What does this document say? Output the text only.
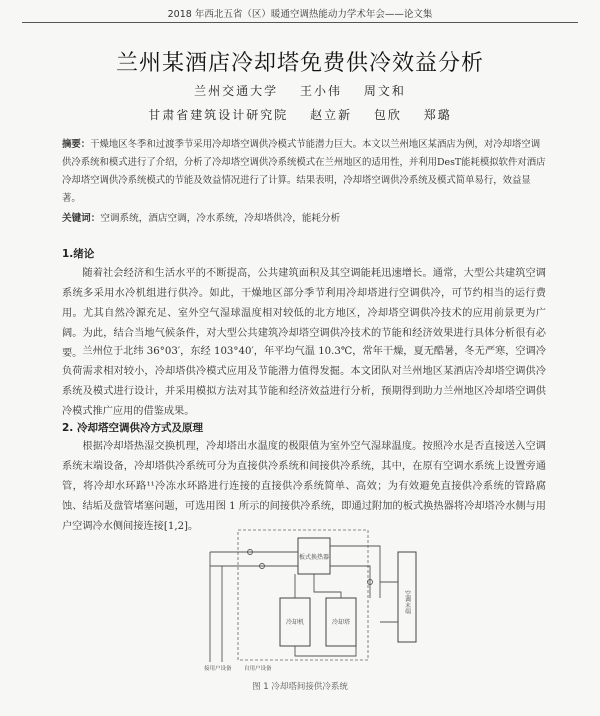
2018 年西北五省（区）暖通空调热能动力学术年会——论文集
兰州某酒店冷却塔免费供冷效益分析
兰州交通大学 王小伟 周文和
甘肃省建筑设计研究院 赵立新 包欣 郑璐
摘要：干燥地区冬季和过渡季节采用冷却塔空调供冷模式节能潜力巨大。本文以兰州地区某酒店为例，对冷却塔空调供冷系统和模式进行了介绍，分析了冷却塔空调供冷系统模式在兰州地区的适用性，并利用DesT能耗模拟软件对酒店冷却塔空调供冷系统模式的节能及效益情况进行了计算。结果表明，冷却塔空调供冷系统及模式简单易行，效益显著。
关键词：空调系统，酒店空调，冷水系统，冷却塔供冷，能耗分析
1.绪论
随着社会经济和生活水平的不断提高，公共建筑面积及其空调能耗迅速增长。通常，大型公共建筑空调系统多采用水冷机组进行供冷。如此，干燥地区部分季节利用冷却塔进行空调供冷，可节约相当的运行费用。尤其自然冷源充足、室外空气湿球温度相对较低的北方地区，冷却塔空调供冷技术的应用前景更为广阔。为此，结合当地气候条件，对大型公共建筑冷却塔空调供冷技术的节能和经济效果进行具体分析很有必要。 兰州位于北纬 36°03′，东经 103°40′，年平均气温 10.3℃，常年干燥，夏无酷暑，冬无严寒，空调冷负荷需求相对较小，冷却塔供冷模式应用及节能潜力值得发掘。本文团队对兰州地区某酒店冷却塔空调供冷系统及模式进行设计，并采用模拟方法对其节能和经济效益进行分析，预期得到助力兰州地区冷却塔空调供冷模式推广应用的借鉴成果。
2. 冷却塔空调供冷方式及原理
根据冷却塔热湿交换机理，冷却塔出水温度的极限值为室外空气湿球温度。按照冷水是否直接送入空调系统末端设备，冷却塔供冷系统可分为直接供冷系统和间接供冷系统，其中，在原有空调水系统上设置旁通管，将冷却水环路¹¹冷冻水环路进行连接的直接供冷系统简单、高效；为有效避免直接供冷系统的管路腐蚀、结垢及盘管堵塞问题，可选用图 1 所示的间接供冷系统，即通过附加的板式换热器将冷却塔冷水侧与用户空调冷水侧间接连接[1,2]。
板式换热器
冷却机	冷却塔
空调末端
接用户设备 自用户设备
图 1 冷却塔间接供冷系统
